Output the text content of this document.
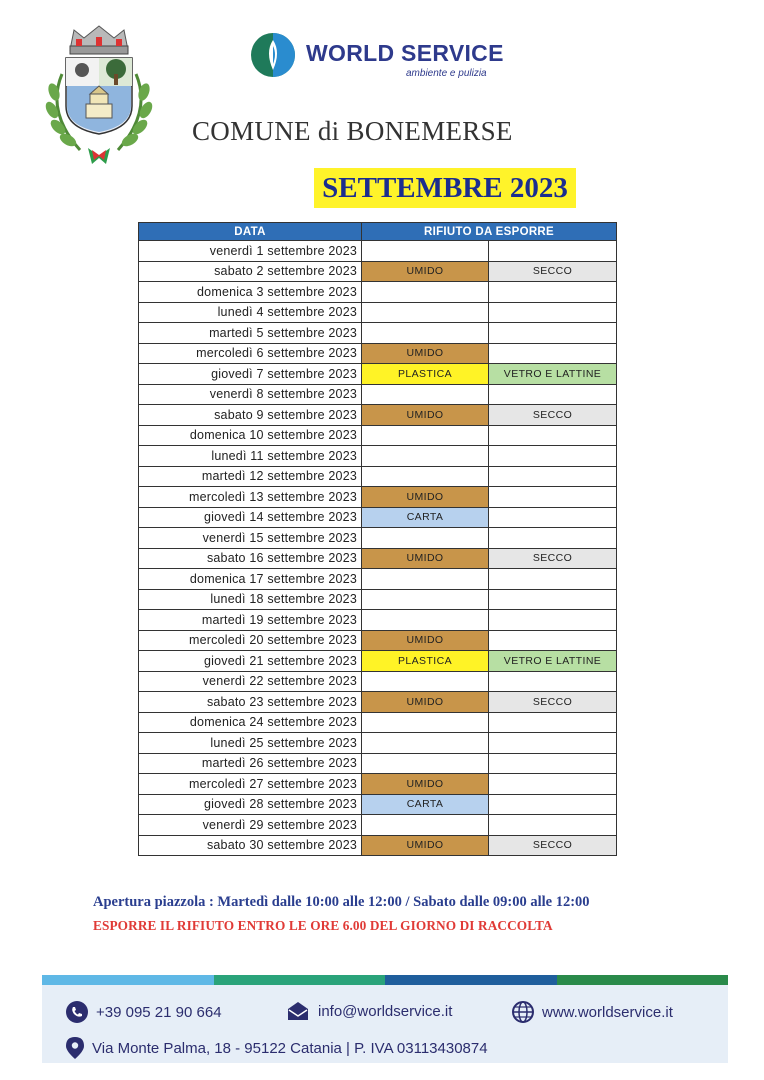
WORLD SERVICE
ambiente e pulizia
COMUNE di BONEMERSE
SETTEMBRE 2023
DATA	RIFIUTO DA ESPORRE	
venerdì 1 settembre 2023		
sabato 2 settembre 2023	UMIDO	SECCO
domenica 3 settembre 2023		
lunedì 4 settembre 2023		
martedì 5 settembre 2023		
mercoledì 6 settembre 2023	UMIDO	
giovedì 7 settembre 2023	PLASTICA	VETRO E LATTINE
venerdì 8 settembre 2023		
sabato 9 settembre 2023	UMIDO	SECCO
domenica 10 settembre 2023		
lunedì 11 settembre 2023		
martedì 12 settembre 2023		
mercoledì 13 settembre 2023	UMIDO	
giovedì 14 settembre 2023	CARTA	
venerdì 15 settembre 2023		
sabato 16 settembre 2023	UMIDO	SECCO
domenica 17 settembre 2023		
lunedì 18 settembre 2023		
martedì 19 settembre 2023		
mercoledì 20 settembre 2023	UMIDO	
giovedì 21 settembre 2023	PLASTICA	VETRO E LATTINE
venerdì 22 settembre 2023		
sabato 23 settembre 2023	UMIDO	SECCO
domenica 24 settembre 2023		
lunedì 25 settembre 2023		
martedì 26 settembre 2023		
mercoledì 27 settembre 2023	UMIDO	
giovedì 28 settembre 2023	CARTA	
venerdì 29 settembre 2023		
sabato 30 settembre 2023	UMIDO	SECCO
Apertura piazzola : Martedì dalle 10:00 alle 12:00 / Sabato dalle 09:00 alle 12:00
ESPORRE IL RIFIUTO ENTRO LE ORE 6.00 DEL GIORNO DI RACCOLTA
+39 095 21 90 664	info@worldservice.it	www.worldservice.it
Via Monte Palma, 18 - 95122 Catania | P. IVA 03113430874
